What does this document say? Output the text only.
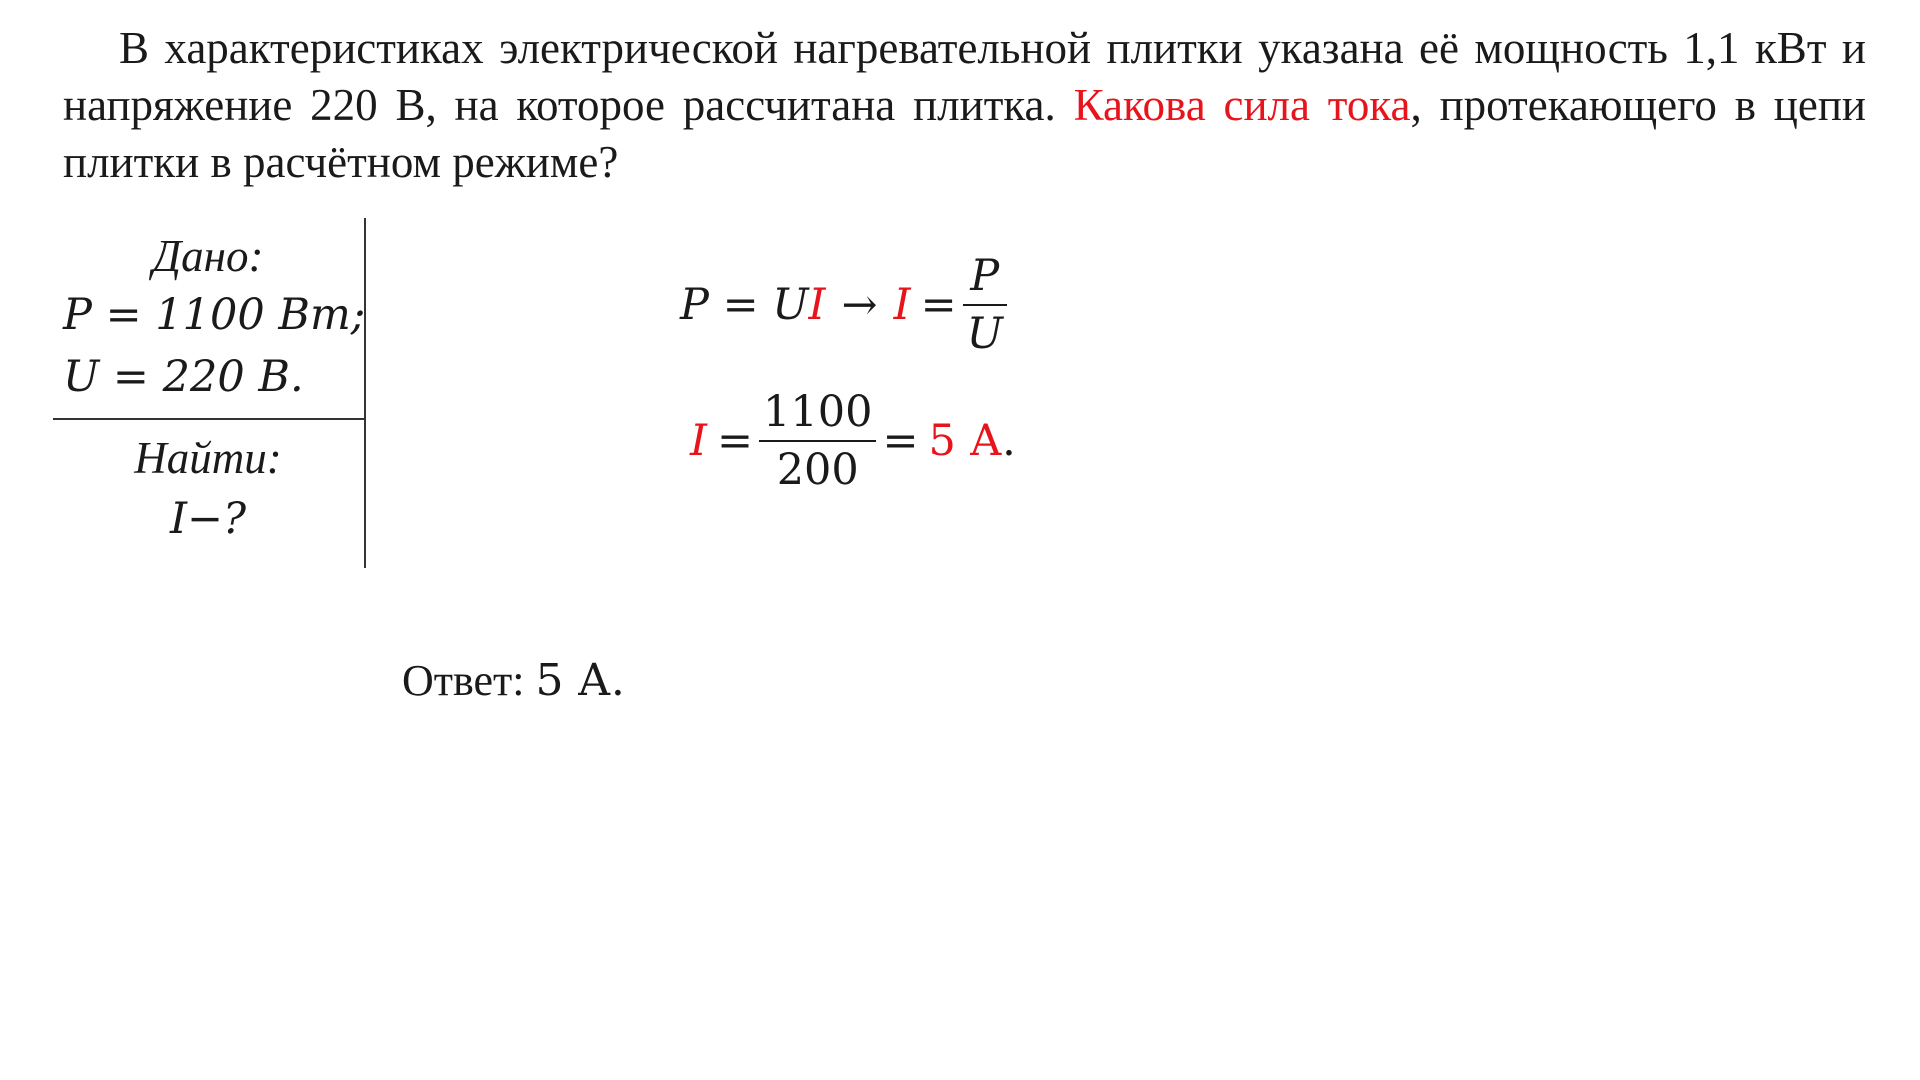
В характеристиках электрической нагревательной плитки указана её мощность 1,1 кВт и напряжение 220 В, на которое рассчитана плитка. Какова сила тока, протекающего в цепи плитки в расчётном режиме?
Дано:
P = 1100 Вт;
U = 220 В.
Найти:
I−?
P = U $I \to I = \frac{P}{U}$
$I = \frac{1100}{200} = 5$ А .
Ответ: 5 А.
